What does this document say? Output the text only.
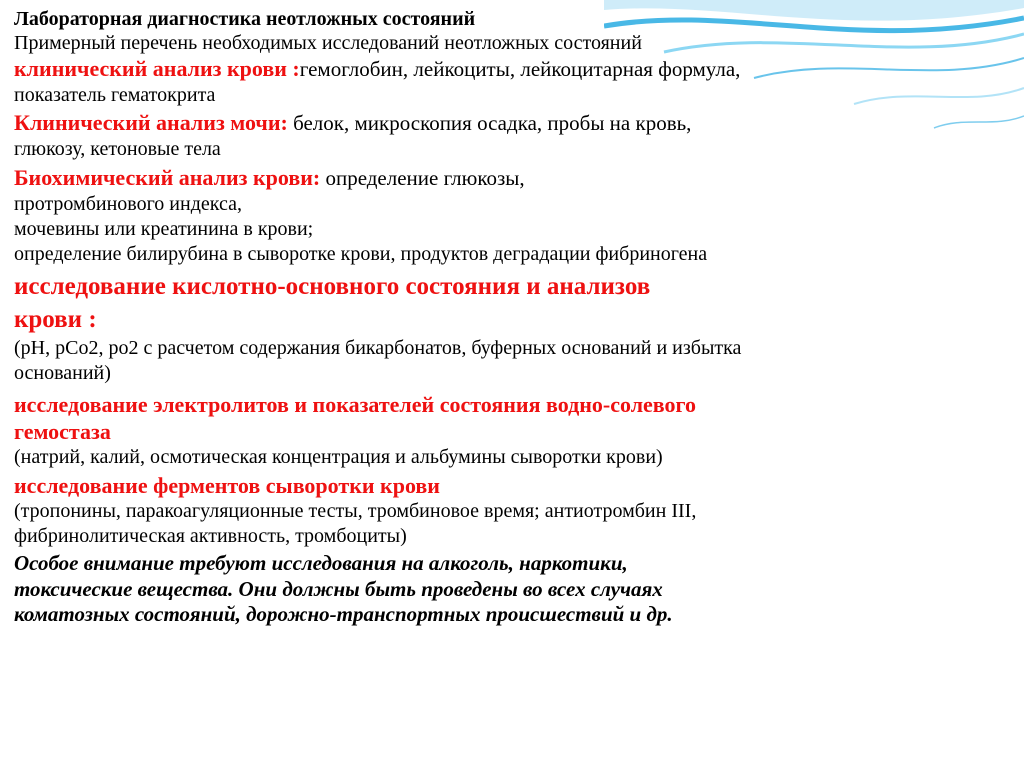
Лабораторная диагностика неотложных состояний
Примерный перечень необходимых исследований неотложных состояний
клинический анализ крови :гемоглобин, лейкоциты, лейкоцитарная формула,
показатель гематокрита
Клинический анализ мочи: белок, микроскопия осадка, пробы на кровь,
глюкозу, кетоновые тела
Биохимический анализ крови: определение глюкозы,
протромбинового индекса,
мочевины или креатинина в крови;
определение билирубина в сыворотке крови, продуктов деградации фибриногена
исследование кислотно-основного состояния и анализов
крови :
(рН, рСо2, ро2 с расчетом содержания бикарбонатов, буферных оснований и избытка
оснований)
исследование электролитов и показателей состояния водно-солевого
гемостаза
(натрий, калий, осмотическая концентрация и альбумины сыворотки крови)
исследование ферментов сыворотки крови
(тропонины, паракоагуляционные тесты, тромбиновое время; антиотромбин III,
фибринолитическая активность, тромбоциты)
Особое внимание требуют исследования на алкоголь, наркотики,
токсические вещества. Они должны быть проведены во всех случаях
коматозных состояний, дорожно-транспортных происшествий и др.
